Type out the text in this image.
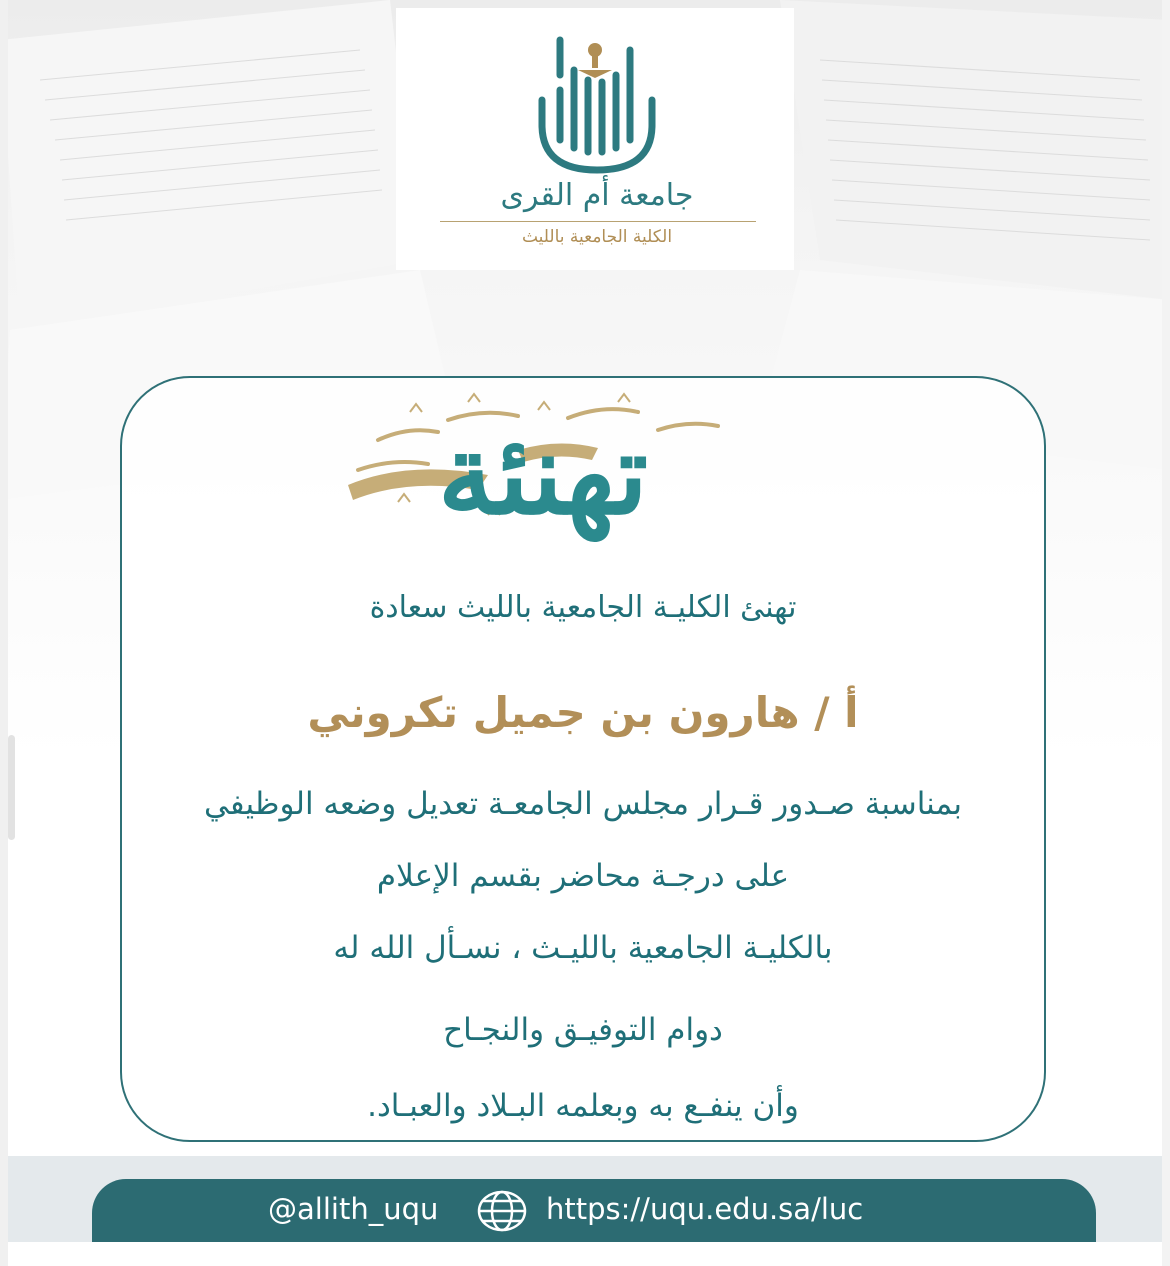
جامعة أم القرى
الكلية الجامعية بالليث
تهنئة
تهنئ الكليـة الجامعية بالليث سعادة
أ / هارون بن جميل تكروني
بمناسبة صـدور قـرار مجلس الجامعـة تعديل وضعه الوظيفي
على درجـة محاضر بقسم الإعلام
بالكليـة الجامعية بالليـث ، نسـأل الله له
دوام التوفيـق والنجـاح
وأن ينفـع به وبعلمه البـلاد والعبـاد.
@allith_uqu	https://uqu.edu.sa/luc
